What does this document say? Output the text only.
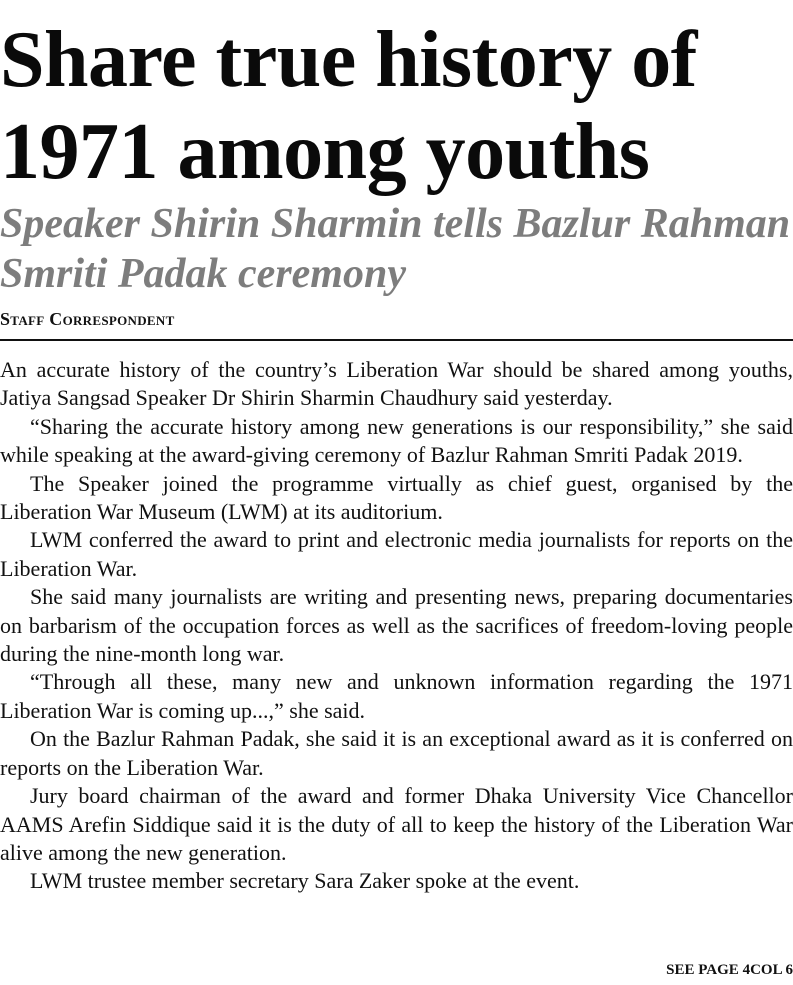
Share true history of 1971 among youths
Speaker Shirin Sharmin tells Bazlur Rahman Smriti Padak ceremony
Staff Correspondent

An accurate history of the country’s Liberation War should be shared among youths, Jatiya Sangsad Speaker Dr Shirin Sharmin Chaudhury said yesterday.

“Sharing the accurate history among new generations is our responsibility,” she said while speaking at the award-giving ceremony of Bazlur Rahman Smriti Padak 2019.

The Speaker joined the programme virtually as chief guest, organised by the Liberation War Museum (LWM) at its auditorium.

LWM conferred the award to print and electronic media journalists for reports on the Liberation War.

She said many journalists are writing and presenting news, preparing documentaries on barbarism of the occupation forces as well as the sacrifices of freedom-loving people during the nine-month long war.

“Through all these, many new and unknown information regarding the 1971 Liberation War is coming up...,” she said.

On the Bazlur Rahman Padak, she said it is an exceptional award as it is conferred on reports on the Liberation War.

Jury board chairman of the award and former Dhaka University Vice Chancellor AAMS Arefin Siddique said it is the duty of all to keep the history of the Liberation War alive among the new generation.

LWM trustee member secretary Sara Zaker spoke at the event.

SEE PAGE 4COL 6
